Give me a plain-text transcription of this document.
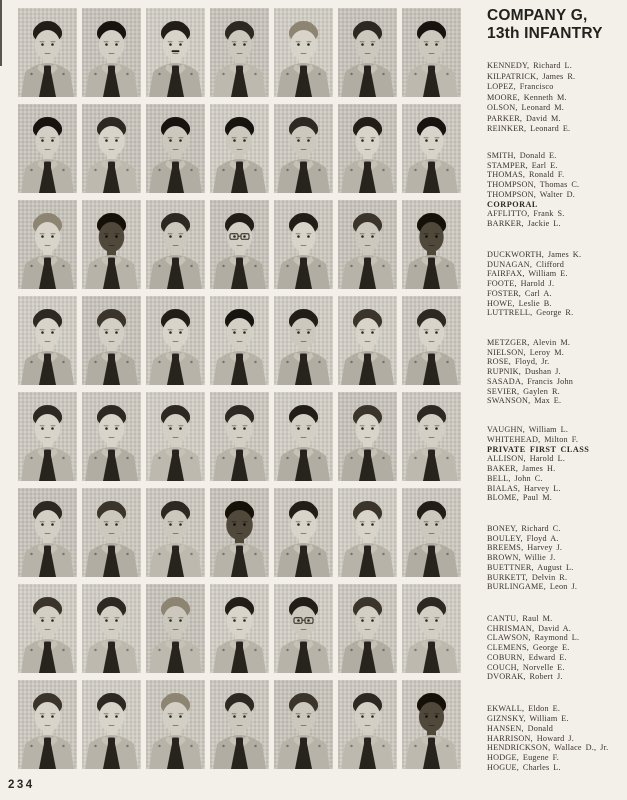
COMPANY G,
13th INFANTRY
KENNEDY, Richard L.
KILPATRICK, James R.
LOPEZ, Francisco
MOORE, Kenneth M.
OLSON, Leonard M.
PARKER, David M.
REINKER, Leonard E.
SMITH, Donald E.
STAMPER, Earl E.
THOMAS, Ronald F.
THOMPSON, Thomas C.
THOMPSON, Walter D.
CORPORAL
AFFLITTO, Frank S.
BARKER, Jackie L.
DUCKWORTH, James K.
DUNAGAN, Clifford
FAIRFAX, William E.
FOOTE, Harold J.
FOSTER, Carl A.
HOWE, Leslie B.
LUTTRELL, George R.
METZGER, Alevin M.
NIELSON, Leroy M.
ROSE, Floyd, Jr.
RUPNIK, Dushan J.
SASADA, Francis John
SEVIER, Gaylen R.
SWANSON, Max E.
VAUGHN, William L.
WHITEHEAD, Milton F.
PRIVATE FIRST CLASS
ALLISON, Harold L.
BAKER, James H.
BELL, John C.
BIALAS, Harvey L.
BLOME, Paul M.
BONEY, Richard C.
BOULEY, Floyd A.
BREEMS, Harvey J.
BROWN, Willie J.
BUETTNER, August L.
BURKETT, Delvin R.
BURLINGAME, Leon J.
CANTU, Raul M.
CHRISMAN, David A.
CLAWSON, Raymond L.
CLEMENS, George E.
COBURN, Edward E.
COUCH, Norvelle E.
DVORAK, Robert J.
EKWALL, Eldon E.
GIZNSKY, William E.
HANSEN, Donald
HARRISON, Howard J.
HENDRICKSON, Wallace D., Jr.
HODGE, Eugene F.
HOGUE, Charles L.
234
